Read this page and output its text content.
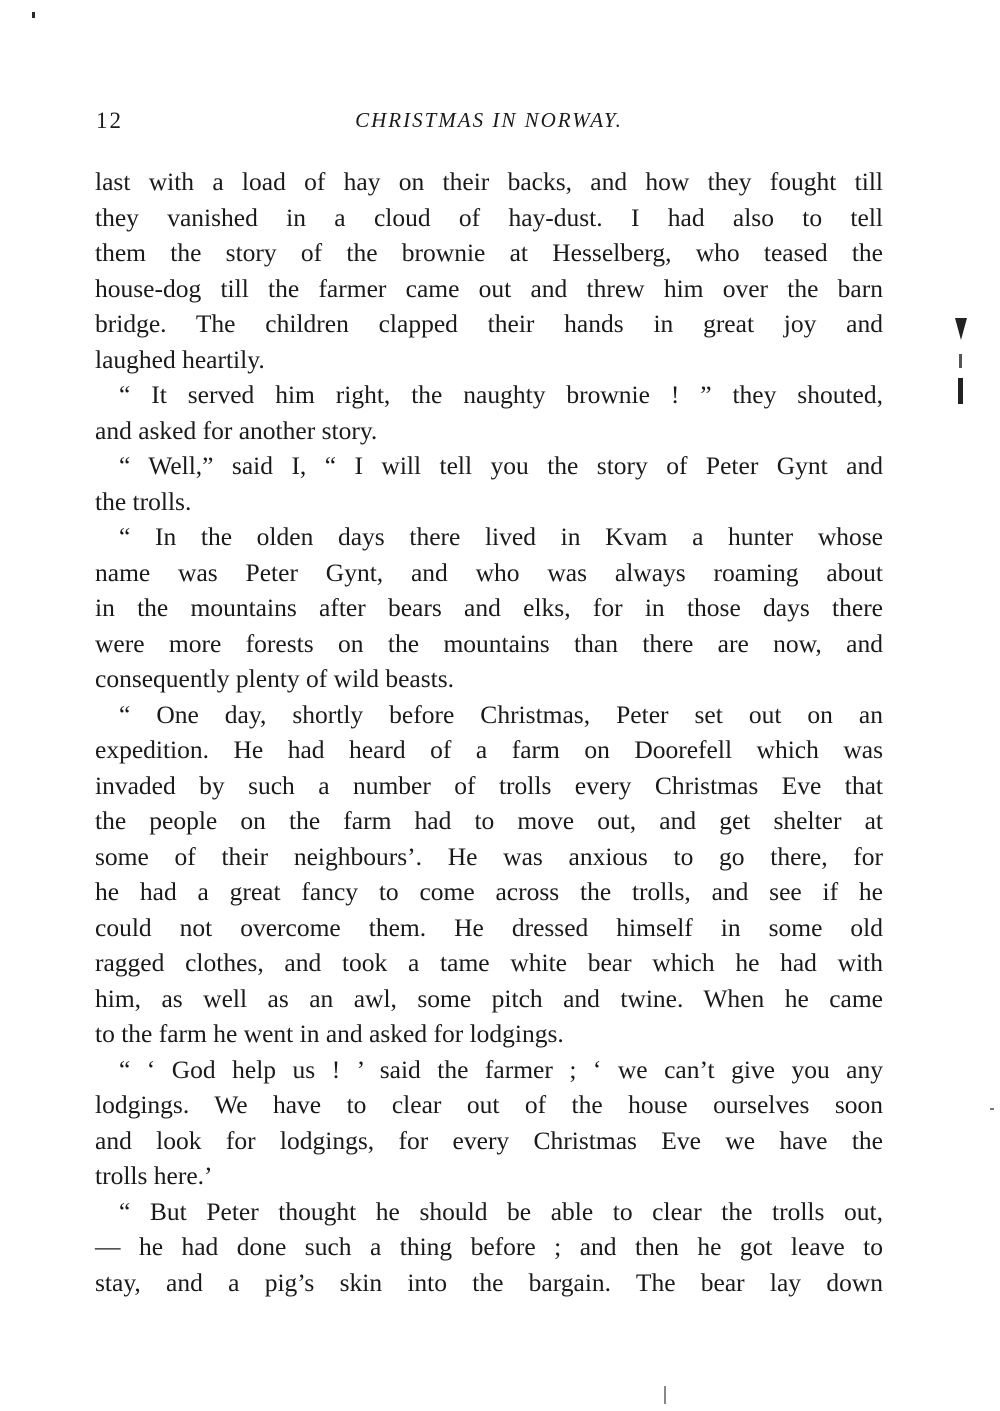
12	CHRISTMAS IN NORWAY.
last with a load of hay on their backs, and how they fought till
they vanished in a cloud of hay-dust. I had also to tell
them the story of the brownie at Hesselberg, who teased the
house-dog till the farmer came out and threw him over the barn
bridge. The children clapped their hands in great joy and
laughed heartily.
“ It served him right, the naughty brownie ! ” they shouted,
and asked for another story.
“ Well,” said I, “ I will tell you the story of Peter Gynt and
the trolls.
“ In the olden days there lived in Kvam a hunter whose
name was Peter Gynt, and who was always roaming about
in the mountains after bears and elks, for in those days there
were more forests on the mountains than there are now, and
consequently plenty of wild beasts.
“ One day, shortly before Christmas, Peter set out on an
expedition. He had heard of a farm on Doorefell which was
invaded by such a number of trolls every Christmas Eve that
the people on the farm had to move out, and get shelter at
some of their neighbours’. He was anxious to go there, for
he had a great fancy to come across the trolls, and see if he
could not overcome them. He dressed himself in some old
ragged clothes, and took a tame white bear which he had with
him, as well as an awl, some pitch and twine. When he came
to the farm he went in and asked for lodgings.
“ ‘ God help us ! ’ said the farmer ; ‘ we can’t give you any
lodgings. We have to clear out of the house ourselves soon
and look for lodgings, for every Christmas Eve we have the
trolls here.’
“ But Peter thought he should be able to clear the trolls out,
— he had done such a thing before ; and then he got leave to
stay, and a pig’s skin into the bargain. The bear lay down
